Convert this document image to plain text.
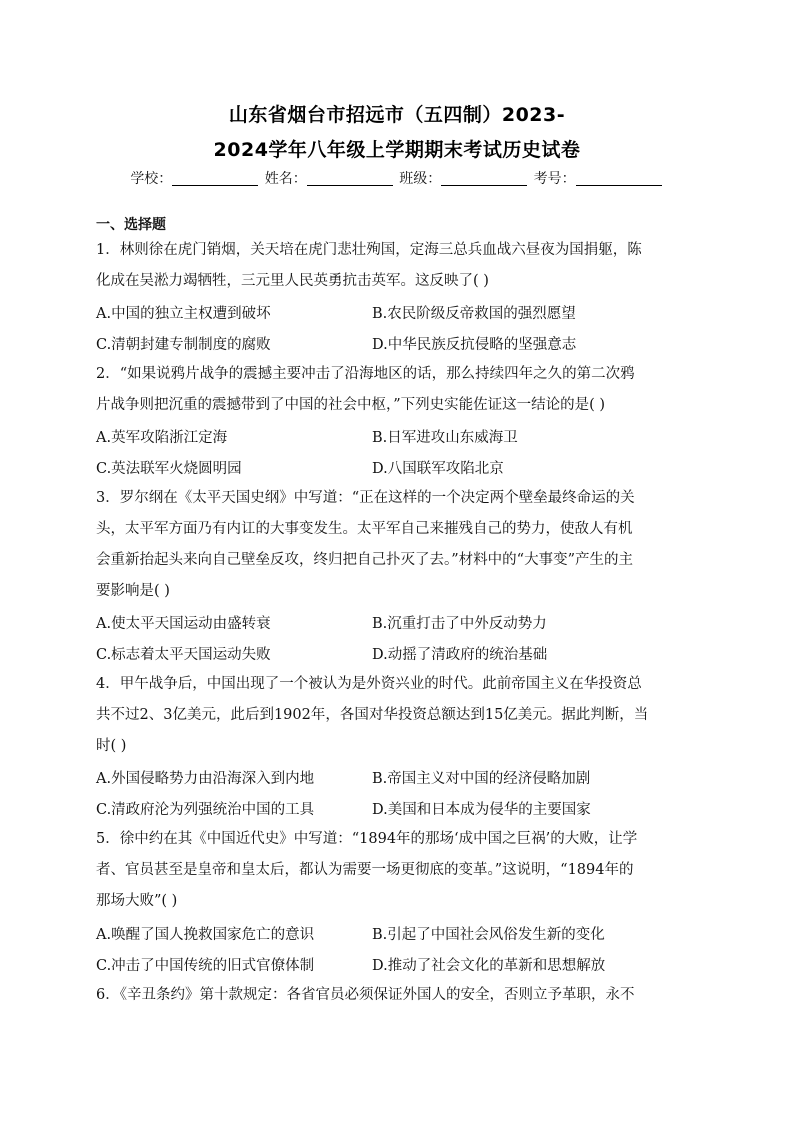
山东省烟台市招远市（五四制）2023-
2024学年八年级上学期期末考试历史试卷
学校：	姓名：	班级：	考号：
一、选择题

1．林则徐在虎门销烟，关天培在虎门悲壮殉国，定海三总兵血战六昼夜为国捐躯，陈

化成在吴淞力竭牺牲，三元里人民英勇抗击英军。这反映了( )

A.中国的独立主权遭到破坏	B.农民阶级反帝救国的强烈愿望
C.清朝封建专制制度的腐败	D.中华民族反抗侵略的坚强意志

2．“如果说鸦片战争的震撼主要冲击了沿海地区的话，那么持续四年之久的第二次鸦

片战争则把沉重的震撼带到了中国的社会中枢，”下列史实能佐证这一结论的是( )

A.英军攻陷浙江定海	B.日军进攻山东威海卫
C.英法联军火烧圆明园	D.八国联军攻陷北京

3．罗尔纲在《太平天国史纲》中写道：“正在这样的一个决定两个壁垒最终命运的关

头，太平军方面乃有内讧的大事变发生。太平军自己来摧残自己的势力，使敌人有机

会重新抬起头来向自己壁垒反攻，终归把自己扑灭了去。”材料中的“大事变”产生的主

要影响是( )

A.使太平天国运动由盛转衰	B.沉重打击了中外反动势力
C.标志着太平天国运动失败	D.动摇了清政府的统治基础

4．甲午战争后，中国出现了一个被认为是外资兴业的时代。此前帝国主义在华投资总

共不过2、3亿美元，此后到1902年，各国对华投资总额达到15亿美元。据此判断，当

时( )

A.外国侵略势力由沿海深入到内地	B.帝国主义对中国的经济侵略加剧
C.清政府沦为列强统治中国的工具	D.美国和日本成为侵华的主要国家

5．徐中约在其《中国近代史》中写道：“1894年的那场‘成中国之巨祸’的大败，让学

者、官员甚至是皇帝和皇太后，都认为需要一场更彻底的变革。”这说明，“1894年的

那场大败”( )

A.唤醒了国人挽救国家危亡的意识	B.引起了中国社会风俗发生新的变化
C.冲击了中国传统的旧式官僚体制	D.推动了社会文化的革新和思想解放

6．《辛丑条约》第十款规定：各省官员必须保证外国人的安全，否则立予革职，永不
